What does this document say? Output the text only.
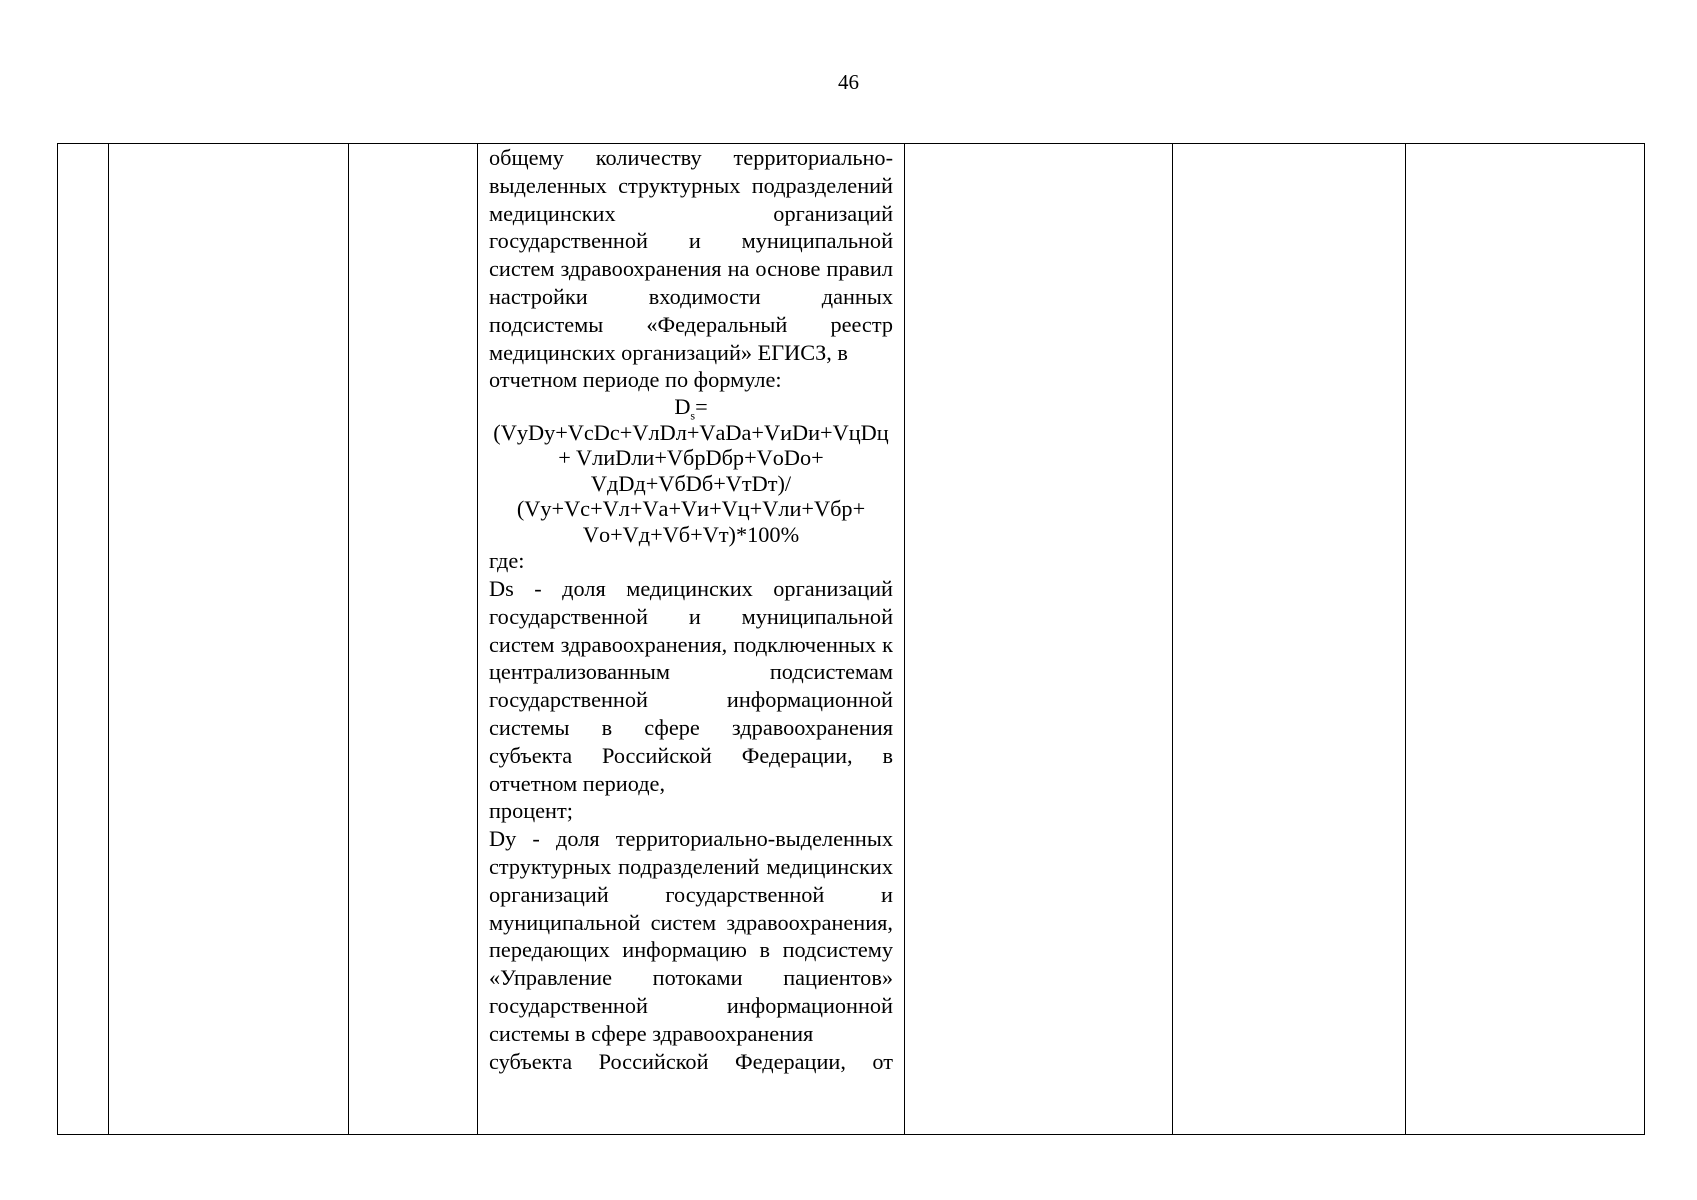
46

общему количеству территориально-выделенных структурных подразделений медицинских организаций государственной и муниципальной систем здравоохранения на основе правил настройки входимости данных подсистемы «Федеральный реестр медицинских организаций» ЕГИСЗ, в

отчетном периоде по формуле:

$D_s=$

(VуDу+VсDс+VлDл+VаDа+VиDи+VцDц

+ VлиDли+VбрDбр+VоDо+

VдDд+VбDб+VтDт)/

(Vу+Vс+Vл+Vа+Vи+Vц+Vли+Vбр+

Vо+Vд+Vб+Vт)*100%

где:

Ds - доля медицинских организаций государственной и муниципальной систем здравоохранения, подключенных к централизованным подсистемам государственной информационной системы в сфере здравоохранения субъекта Российской Федерации, в отчетном периоде,

процент;

Dу - доля территориально-выделенных структурных подразделений медицинских организаций государственной и муниципальной систем здравоохранения, передающих информацию в подсистему «Управление потоками пациентов» государственной информационной системы в сфере здравоохранения

субъекта Российской Федерации, от
